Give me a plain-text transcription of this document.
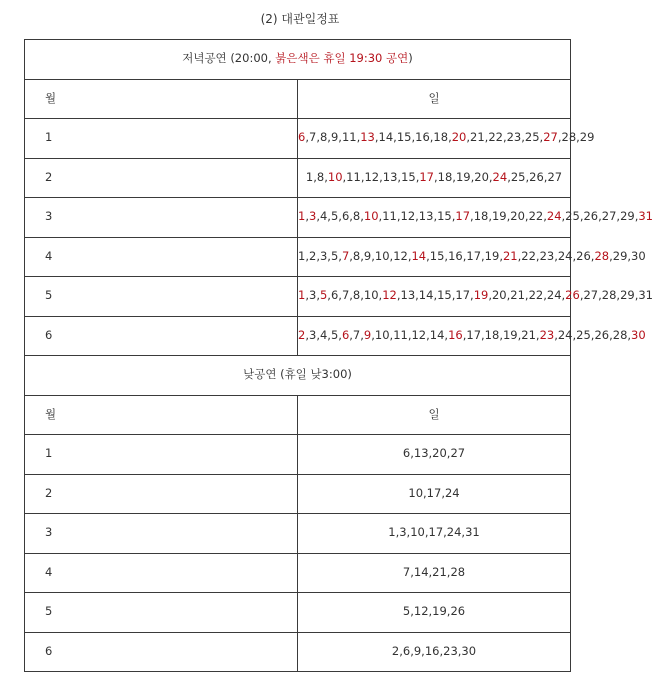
(2) 대관일정표
저녁공연 (20:00, 붉은색은 휴일 19:30 공연)	
월	일
1	6,7,8,9,11,13,14,15,16,18,20,21,22,23,25,27,28,29
2	1,8,10,11,12,13,15,17,18,19,20,24,25,26,27
3	1,3,4,5,6,8,10,11,12,13,15,17,18,19,20,22,24,25,26,27,29,31
4	1,2,3,5,7,8,9,10,12,14,15,16,17,19,21,22,23,24,26,28,29,30
5	1,3,5,6,7,8,10,12,13,14,15,17,19,20,21,22,24,26,27,28,29,31
6	2,3,4,5,6,7,9,10,11,12,14,16,17,18,19,21,23,24,25,26,28,30
낮공연 (휴일 낮3:00)	
월	일
1	6,13,20,27
2	10,17,24
3	1,3,10,17,24,31
4	7,14,21,28
5	5,12,19,26
6	2,6,9,16,23,30
